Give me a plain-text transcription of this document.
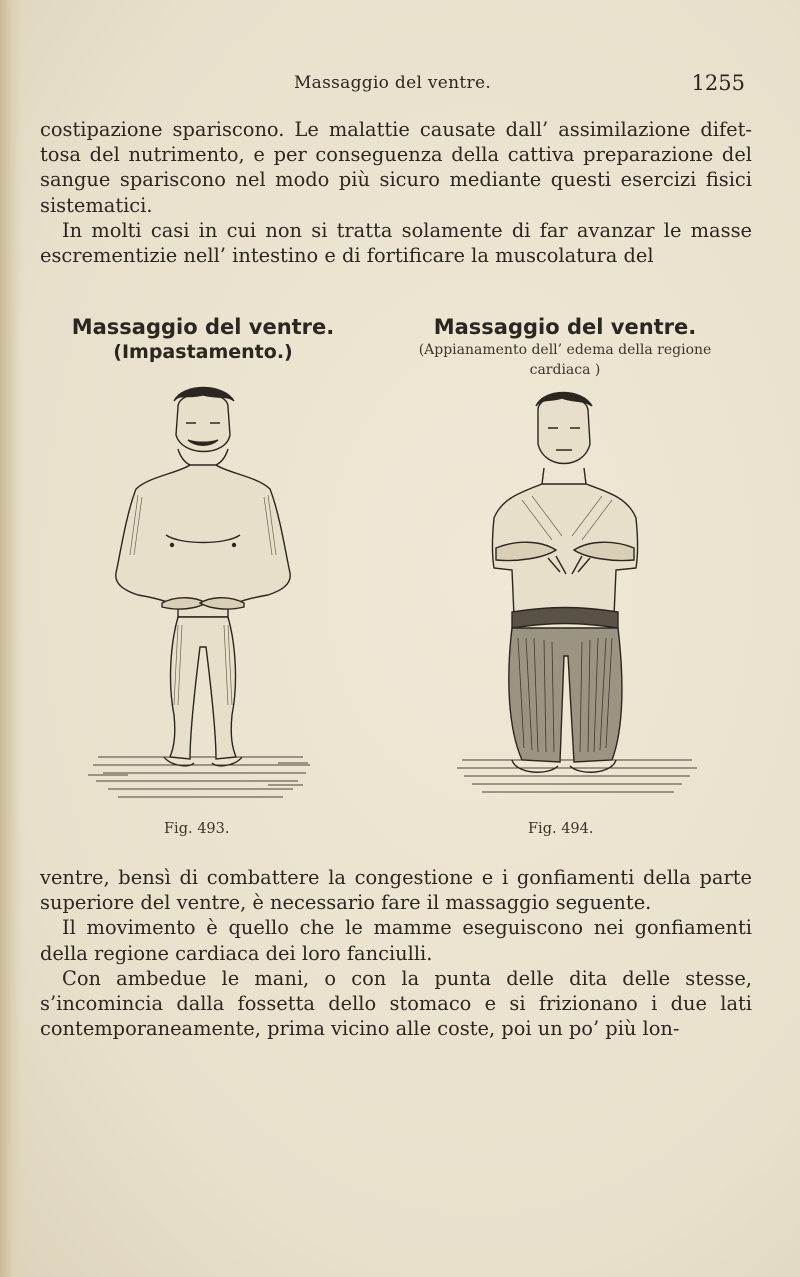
Massaggio del ventre.	1255

costipazione spariscono. Le malattie causate dall’ assimilazione difet-tosa del nutrimento, e per conseguenza della cattiva preparazione del sangue spariscono nel modo più sicuro mediante questi esercizi fisici sistematici.

In molti casi in cui non si tratta solamente di far avanzar le masse escrementizie nell’ intestino e di fortificare la muscolatura del

Massaggio del ventre.
(Impastamento.)
Massaggio del ventre.
(Appianamento dell’ edema della regione cardiaca )
Fig. 493.	Fig. 494.

ventre, bensì di combattere la congestione e i gonfiamenti della parte superiore del ventre, è necessario fare il massaggio seguente.

Il movimento è quello che le mamme eseguiscono nei gonfiamenti della regione cardiaca dei loro fanciulli.

Con ambedue le mani, o con la punta delle dita delle stesse, s’incomincia dalla fossetta dello stomaco e si frizionano i due lati contemporaneamente, prima vicino alle coste, poi un po’ più lon-
